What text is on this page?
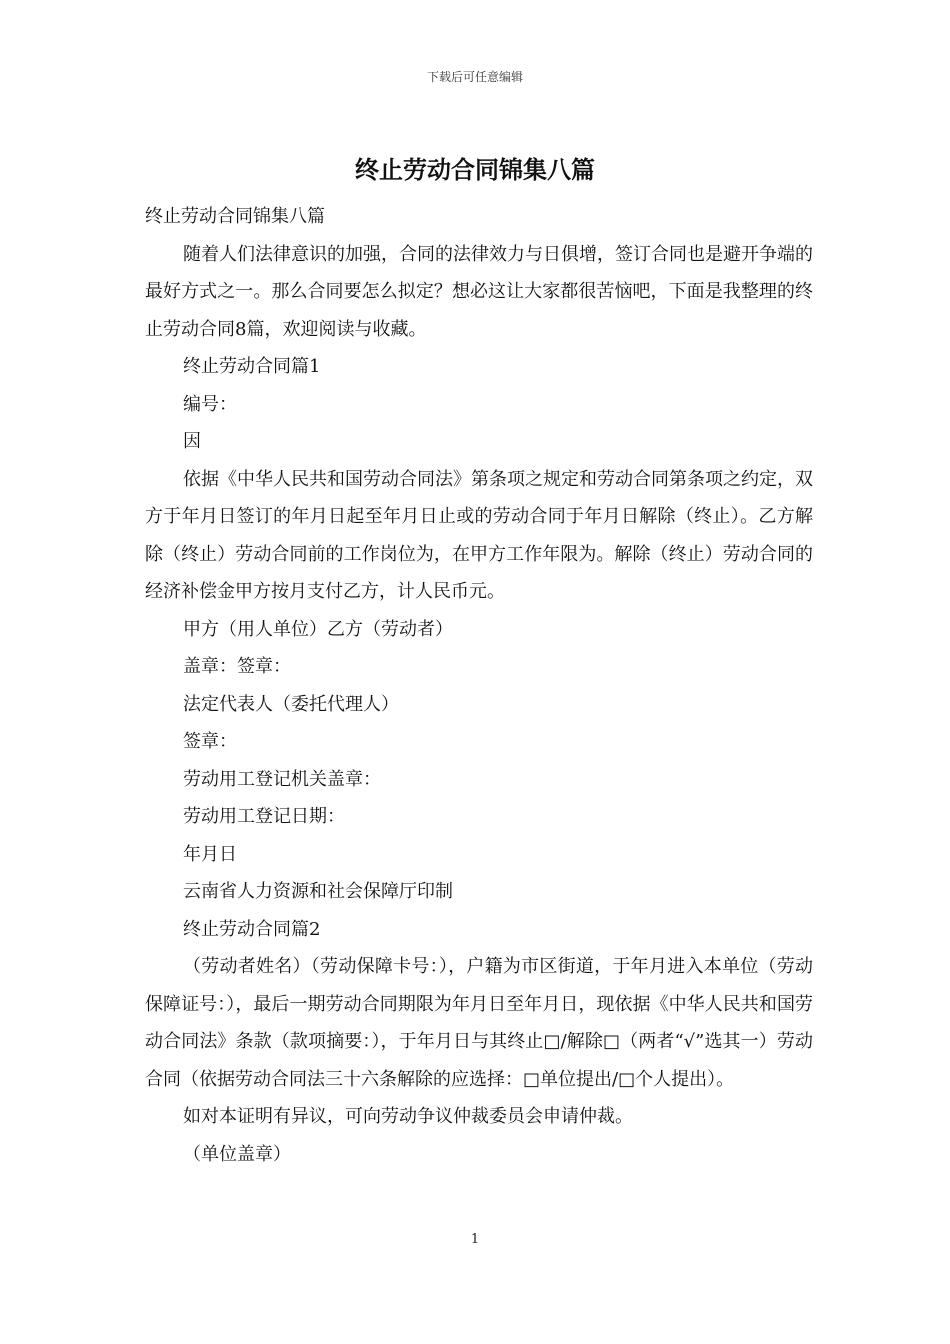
下载后可任意编辑
终止劳动合同锦集八篇

终止劳动合同锦集八篇

随着人们法律意识的加强，合同的法律效力与日俱增，签订合同也是避开争端的最好方式之一。那么合同要怎么拟定？想必这让大家都很苦恼吧，下面是我整理的终止劳动合同8篇，欢迎阅读与收藏。

终止劳动合同篇1

编号：

因

依据《中华人民共和国劳动合同法》第条项之规定和劳动合同第条项之约定，双方于年月日签订的年月日起至年月日止或的劳动合同于年月日解除（终止）。乙方解除（终止）劳动合同前的工作岗位为，在甲方工作年限为。解除（终止）劳动合同的经济补偿金甲方按月支付乙方，计人民币元。

甲方（用人单位）乙方（劳动者）

盖章：签章：

法定代表人（委托代理人）

签章：

劳动用工登记机关盖章：

劳动用工登记日期：

年月日

云南省人力资源和社会保障厅印制

终止劳动合同篇2

（劳动者姓名）（劳动保障卡号：），户籍为市区街道，于年月进入本单位（劳动保障证号：），最后一期劳动合同期限为年月日至年月日，现依据《中华人民共和国劳动合同法》条款（款项摘要：），于年月日与其终止□/解除□（两者“√”选其一）劳动合同（依据劳动合同法三十六条解除的应选择：□单位提出/□个人提出）。

如对本证明有异议，可向劳动争议仲裁委员会申请仲裁。

（单位盖章）

1
